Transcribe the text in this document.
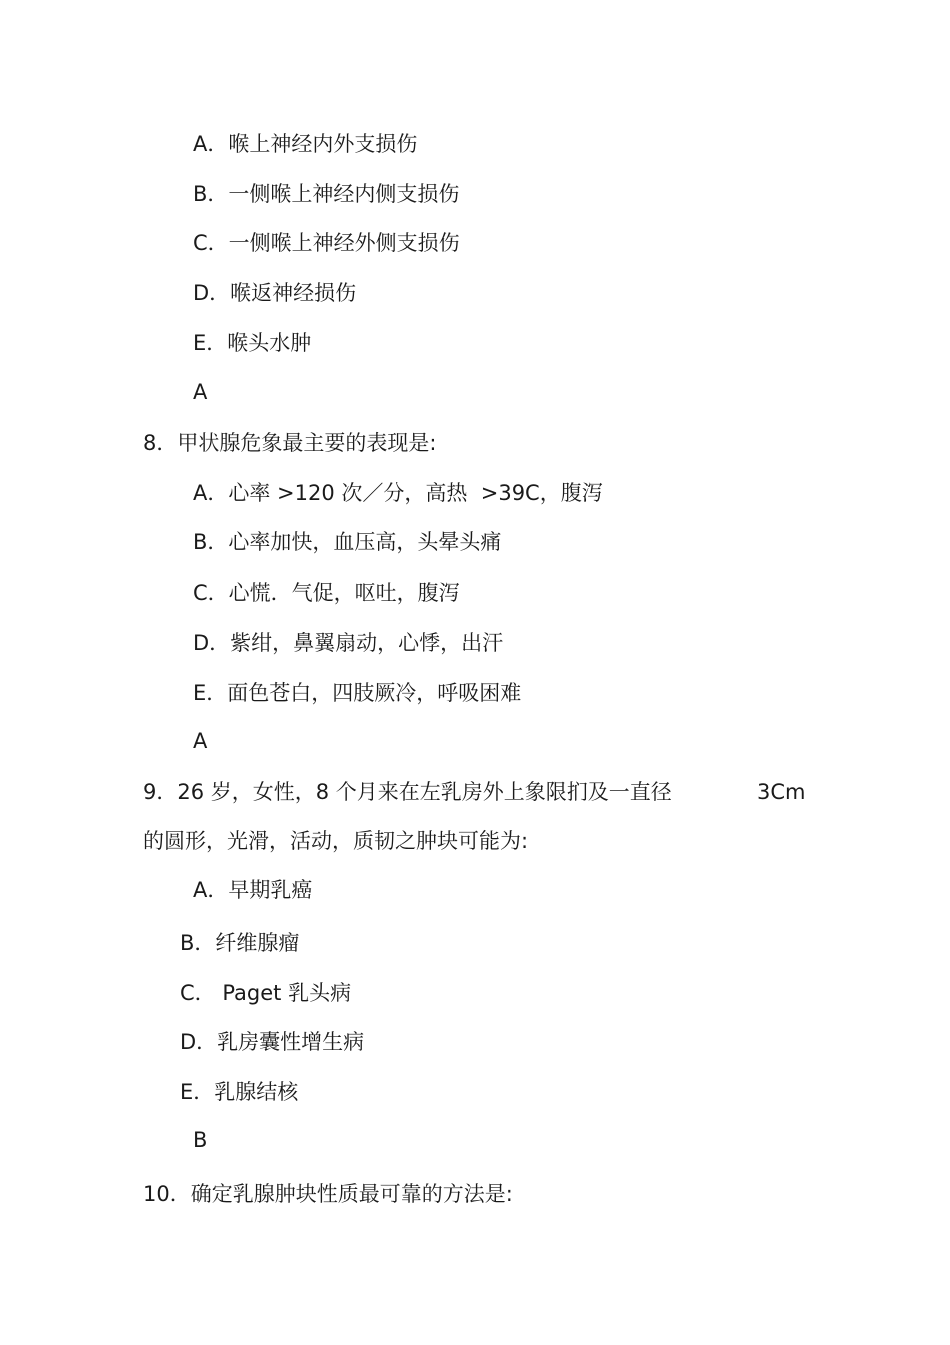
A．喉上神经内外支损伤
B．一侧喉上神经内侧支损伤
C．一侧喉上神经外侧支损伤
D．喉返神经损伤
E．喉头水肿
A
8．甲状腺危象最主要的表现是:
A．心率 >120 次／分，高热  >39C，腹泻
B．心率加快，血压高，头晕头痛
C．心慌．气促，呕吐，腹泻
D．紫绀，鼻翼扇动，心悸，出汗
E．面色苍白，四肢厥冷，呼吸困难
A
9．26 岁，女性，8 个月来在左乳房外上象限扪及一直径	3Cm
的圆形，光滑，活动，质韧之肿块可能为:
A．早期乳癌
B．纤维腺瘤
C． Paget 乳头病
D．乳房囊性增生病
E．乳腺结核
B
10．确定乳腺肿块性质最可靠的方法是:
